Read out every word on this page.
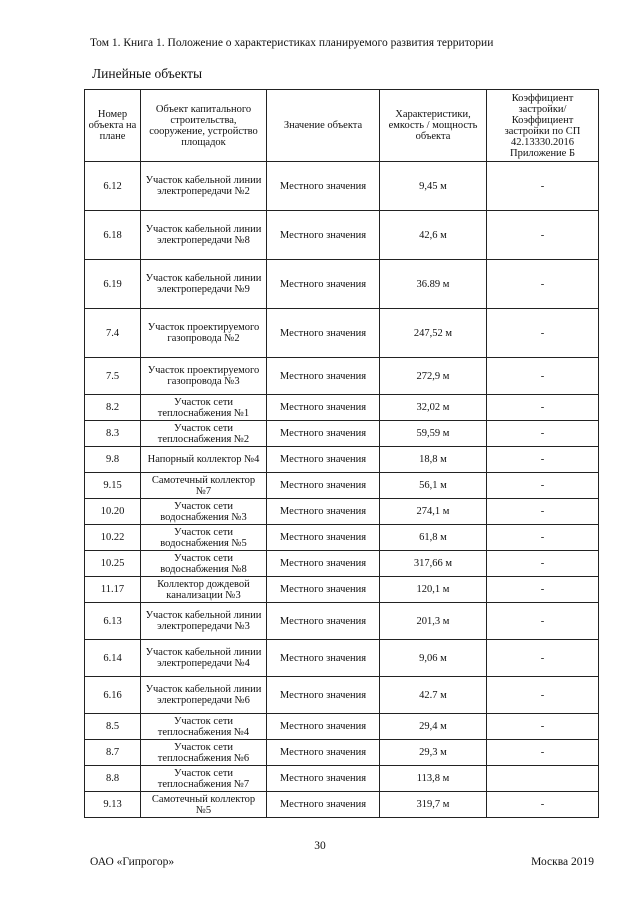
Том 1. Книга 1. Положение о характеристиках планируемого развития территории
Линейные объекты
Номер объекта на плане	Объект капитального строительства, сооружение, устройство площадок	Значение объекта	Характеристики, емкость / мощность объекта	Коэффициент застройки/Коэффициент застройки по СП 42.13330.2016 Приложение Б
6.12	Участок кабельной линии электропередачи №2	Местного значения	9,45 м	-
6.18	Участок кабельной линии электропередачи №8	Местного значения	42,6 м	-
6.19	Участок кабельной линии электропередачи №9	Местного значения	36.89 м	-
7.4	Участок проектируемого газопровода №2	Местного значения	247,52 м	-
7.5	Участок проектируемого газопровода №3	Местного значения	272,9 м	-
8.2	Участок сети теплоснабжения №1	Местного значения	32,02 м	-
8.3	Участок сети теплоснабжения №2	Местного значения	59,59 м	-
9.8	Напорный коллектор №4	Местного значения	18,8 м	-
9.15	Самотечный коллектор №7	Местного значения	56,1 м	-
10.20	Участок сети водоснабжения №3	Местного значения	274,1 м	-
10.22	Участок сети водоснабжения №5	Местного значения	61,8 м	-
10.25	Участок сети водоснабжения №8	Местного значения	317,66 м	-
11.17	Коллектор дождевой канализации №3	Местного значения	120,1 м	-
6.13	Участок кабельной линии электропередачи №3	Местного значения	201,3 м	-
6.14	Участок кабельной линии электропередачи №4	Местного значения	9,06 м	-
6.16	Участок кабельной линии электропередачи №6	Местного значения	42.7 м	-
8.5	Участок сети теплоснабжения №4	Местного значения	29,4 м	-
8.7	Участок сети теплоснабжения №6	Местного значения	29,3 м	-
8.8	Участок сети теплоснабжения №7	Местного значения	113,8 м	
9.13	Самотечный коллектор №5	Местного значения	319,7 м	-
30
ОАО «Гипрогор»	Москва 2019
